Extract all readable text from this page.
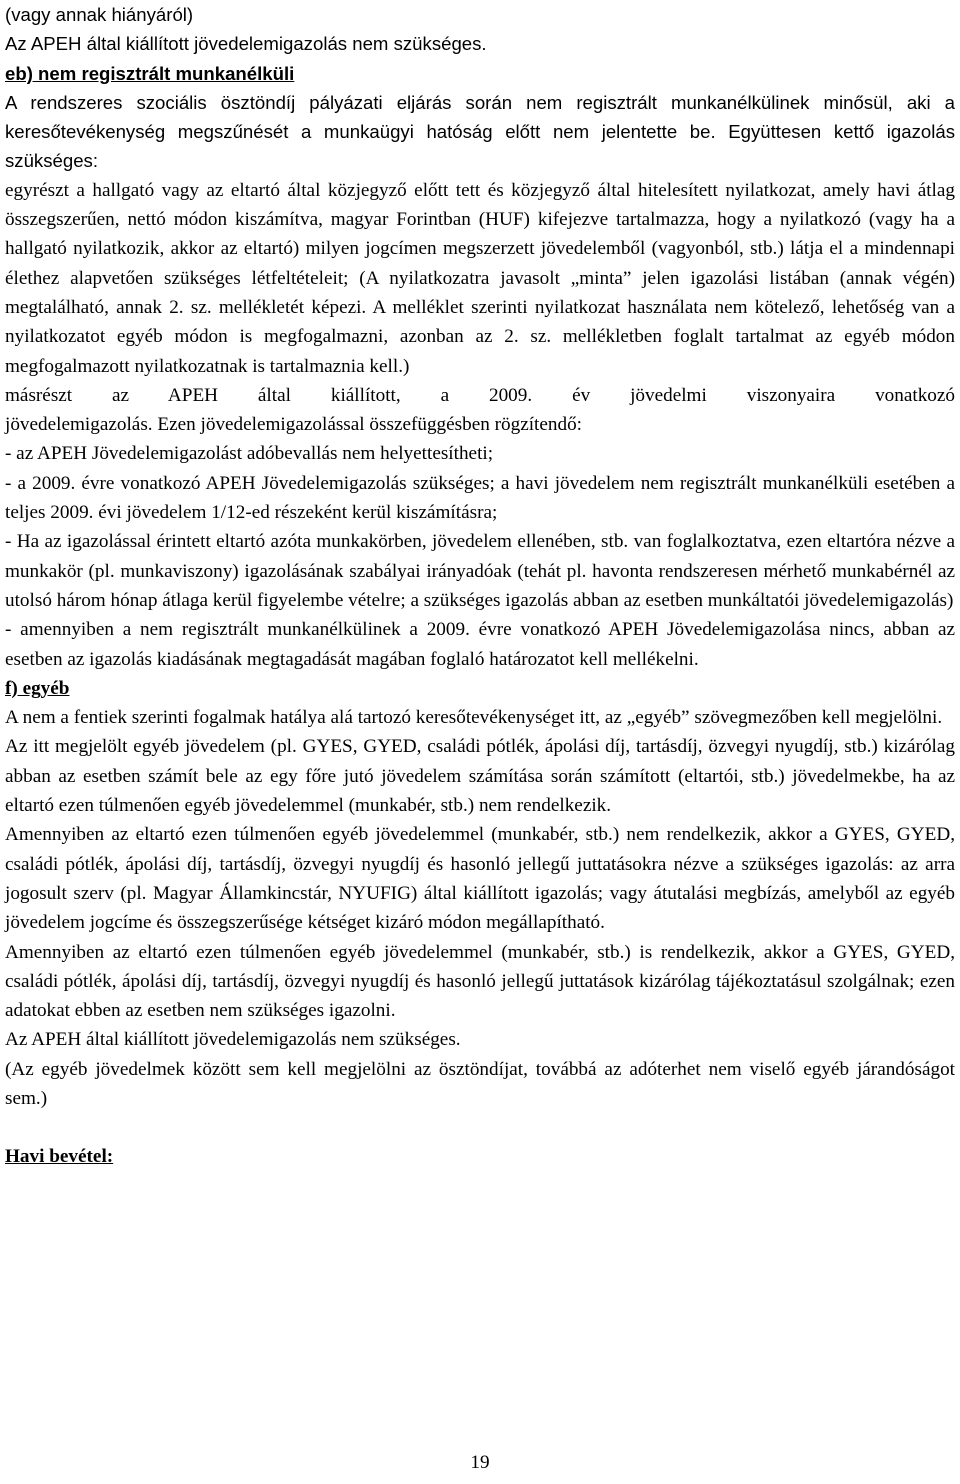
(vagy annak hiányáról)

Az APEH által kiállított jövedelemigazolás nem szükséges.

eb) nem regisztrált munkanélküli

A rendszeres szociális ösztöndíj pályázati eljárás során nem regisztrált munkanélkülinek minősül, aki a keresőtevékenység megszűnését a munkaügyi hatóság előtt nem jelentette be. Együttesen kettő igazolás szükséges:

egyrészt a hallgató vagy az eltartó által közjegyző előtt tett és közjegyző által hitelesített nyilatkozat, amely havi átlag összegszerűen, nettó módon kiszámítva, magyar Forintban (HUF) kifejezve tartalmazza, hogy a nyilatkozó (vagy ha a hallgató nyilatkozik, akkor az eltartó) milyen jogcímen megszerzett jövedelemből (vagyonból, stb.) látja el a mindennapi élethez alapvetően szükséges létfeltételeit; (A nyilatkozatra javasolt „minta” jelen igazolási listában (annak végén) megtalálható, annak 2. sz. mellékletét képezi. A melléklet szerinti nyilatkozat használata nem kötelező, lehetőség van a nyilatkozatot egyéb módon is megfogalmazni, azonban az 2. sz. mellékletben foglalt tartalmat az egyéb módon megfogalmazott nyilatkozatnak is tartalmaznia kell.)

másrészt az APEH által kiállított, a 2009. év jövedelmi viszonyaira vonatkozó

jövedelemigazolás. Ezen jövedelemigazolással összefüggésben rögzítendő:

- az APEH Jövedelemigazolást adóbevallás nem helyettesítheti;

- a 2009. évre vonatkozó APEH Jövedelemigazolás szükséges; a havi jövedelem nem regisztrált munkanélküli esetében a teljes 2009. évi jövedelem 1/12-ed részeként kerül kiszámításra;

- Ha az igazolással érintett eltartó azóta munkakörben, jövedelem ellenében, stb. van foglalkoztatva, ezen eltartóra nézve a munkakör (pl. munkaviszony) igazolásának szabályai irányadóak (tehát pl. havonta rendszeresen mérhető munkabérnél az utolsó három hónap átlaga kerül figyelembe vételre; a szükséges igazolás abban az esetben munkáltatói jövedelemigazolás)

- amennyiben a nem regisztrált munkanélkülinek a 2009. évre vonatkozó APEH Jövedelemigazolása nincs, abban az esetben az igazolás kiadásának megtagadását magában foglaló határozatot kell mellékelni.

f) egyéb

A nem a fentiek szerinti fogalmak hatálya alá tartozó keresőtevékenységet itt, az „egyéb” szövegmezőben kell megjelölni.

Az itt megjelölt egyéb jövedelem (pl. GYES, GYED, családi pótlék, ápolási díj, tartásdíj, özvegyi nyugdíj, stb.) kizárólag abban az esetben számít bele az egy főre jutó jövedelem számítása során számított (eltartói, stb.) jövedelmekbe, ha az eltartó ezen túlmenően egyéb jövedelemmel (munkabér, stb.) nem rendelkezik.

Amennyiben az eltartó ezen túlmenően egyéb jövedelemmel (munkabér, stb.) nem rendelkezik, akkor a GYES, GYED, családi pótlék, ápolási díj, tartásdíj, özvegyi nyugdíj és hasonló jellegű juttatásokra nézve a szükséges igazolás: az arra jogosult szerv (pl. Magyar Államkincstár, NYUFIG) által kiállított igazolás; vagy átutalási megbízás, amelyből az egyéb jövedelem jogcíme és összegszerűsége kétséget kizáró módon megállapítható.

Amennyiben az eltartó ezen túlmenően egyéb jövedelemmel (munkabér, stb.) is rendelkezik, akkor a GYES, GYED, családi pótlék, ápolási díj, tartásdíj, özvegyi nyugdíj és hasonló jellegű juttatások kizárólag tájékoztatásul szolgálnak; ezen adatokat ebben az esetben nem szükséges igazolni.

Az APEH által kiállított jövedelemigazolás nem szükséges.

(Az egyéb jövedelmek között sem kell megjelölni az ösztöndíjat, továbbá az adóterhet nem viselő egyéb járandóságot sem.)

Havi bevétel:

19
